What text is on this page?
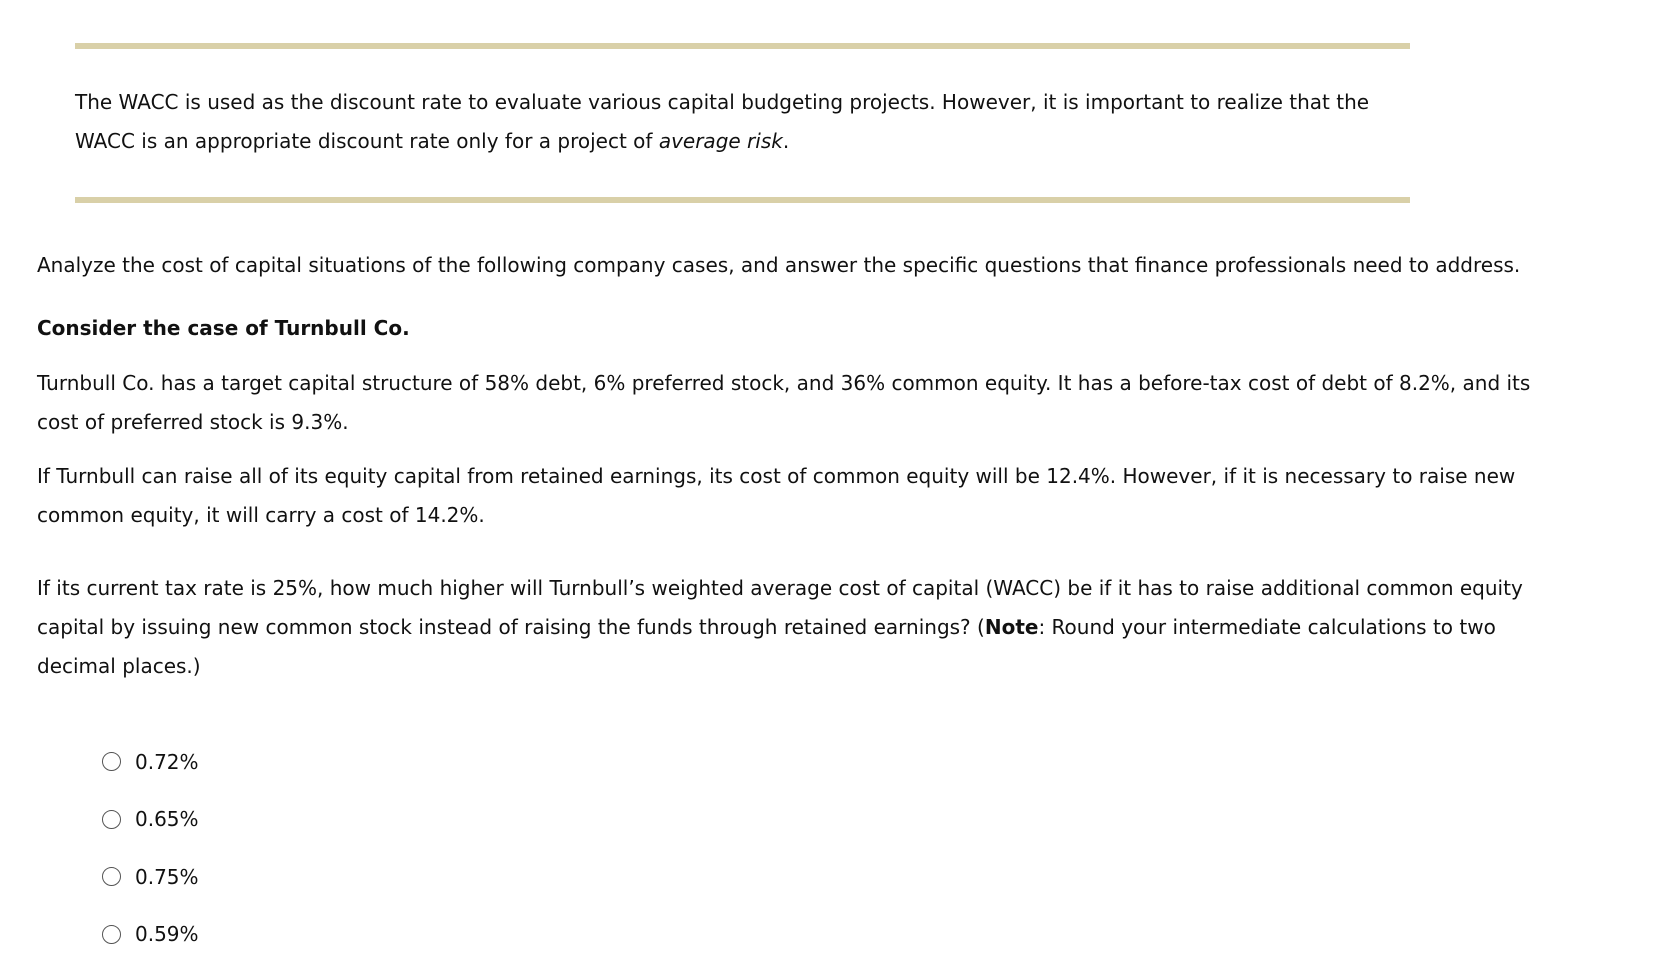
The WACC is used as the discount rate to evaluate various capital budgeting projects. However, it is important to realize that the WACC is an appropriate discount rate only for a project of average risk.
Analyze the cost of capital situations of the following company cases, and answer the specific questions that finance professionals need to address.
Consider the case of Turnbull Co.
Turnbull Co. has a target capital structure of 58% debt, 6% preferred stock, and 36% common equity. It has a before-tax cost of debt of 8.2%, and its cost of preferred stock is 9.3%.
If Turnbull can raise all of its equity capital from retained earnings, its cost of common equity will be 12.4%. However, if it is necessary to raise new common equity, it will carry a cost of 14.2%.
If its current tax rate is 25%, how much higher will Turnbull’s weighted average cost of capital (WACC) be if it has to raise additional common equity capital by issuing new common stock instead of raising the funds through retained earnings? (Note: Round your intermediate calculations to two decimal places.)
0.72%
0.65%
0.75%
0.59%
